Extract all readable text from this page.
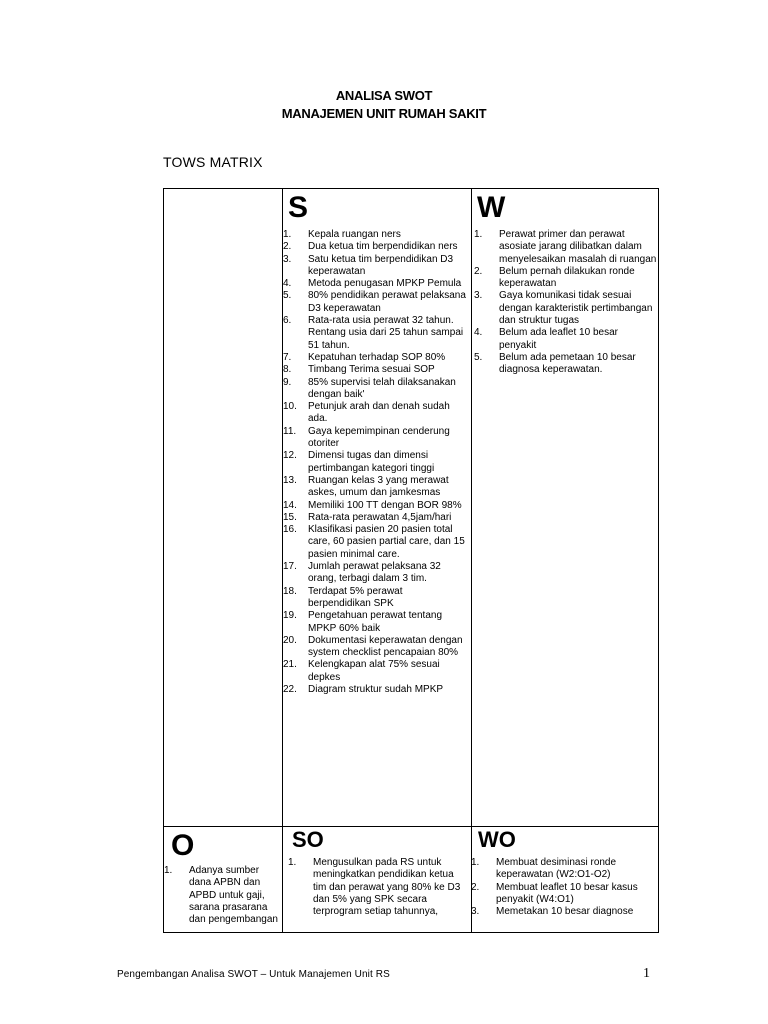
ANALISA SWOT
MANAJEMEN UNIT RUMAH SAKIT
TOWS MATRIX
S
1. Kepala ruangan ners
2. Dua ketua tim berpendidikan ners
3. Satu ketua tim berpendidikan D3 keperawatan
4. Metoda penugasan MPKP Pemula
5. 80% pendidikan perawat pelaksana D3 keperawatan
6. Rata-rata usia perawat 32 tahun. Rentang usia dari 25 tahun sampai 51 tahun.
7. Kepatuhan terhadap SOP 80%
8. Timbang Terima sesuai SOP
9. 85% supervisi telah dilaksanakan dengan baik'
10. Petunjuk arah dan denah sudah ada.
11. Gaya kepemimpinan cenderung otoriter
12. Dimensi tugas dan dimensi pertimbangan kategori tinggi
13. Ruangan kelas 3 yang merawat askes, umum dan jamkesmas
14. Memiliki 100 TT dengan BOR 98%
15. Rata-rata perawatan 4,5jam/hari
16. Klasifikasi pasien 20 pasien total care, 60 pasien partial care, dan 15 pasien minimal care.
17. Jumlah perawat pelaksana 32 orang, terbagi dalam 3 tim.
18. Terdapat 5% perawat berpendidikan SPK
19. Pengetahuan perawat tentang MPKP 60% baik
20. Dokumentasi keperawatan dengan system checklist pencapaian 80%
21. Kelengkapan alat 75% sesuai depkes
22. Diagram struktur sudah MPKP
W
1. Perawat primer dan perawat asosiate jarang dilibatkan dalam menyelesaikan masalah di ruangan
2. Belum pernah dilakukan ronde keperawatan
3. Gaya komunikasi tidak sesuai dengan karakteristik pertimbangan dan struktur tugas
4. Belum ada leaflet 10 besar penyakit
5. Belum ada pemetaan 10 besar diagnosa keperawatan.
O
1. Adanya sumber dana APBN dan APBD untuk gaji, sarana prasarana dan pengembangan
SO
1. Mengusulkan pada RS untuk meningkatkan pendidikan ketua tim dan perawat yang 80% ke D3 dan 5% yang SPK secara terprogram setiap tahunnya,
WO
1. Membuat desiminasi ronde keperawatan (W2:O1-O2)
2. Membuat leaflet 10 besar kasus penyakit (W4:O1)
3. Memetakan 10 besar diagnose
Pengembangan Analisa SWOT – Untuk Manajemen Unit RS	1
